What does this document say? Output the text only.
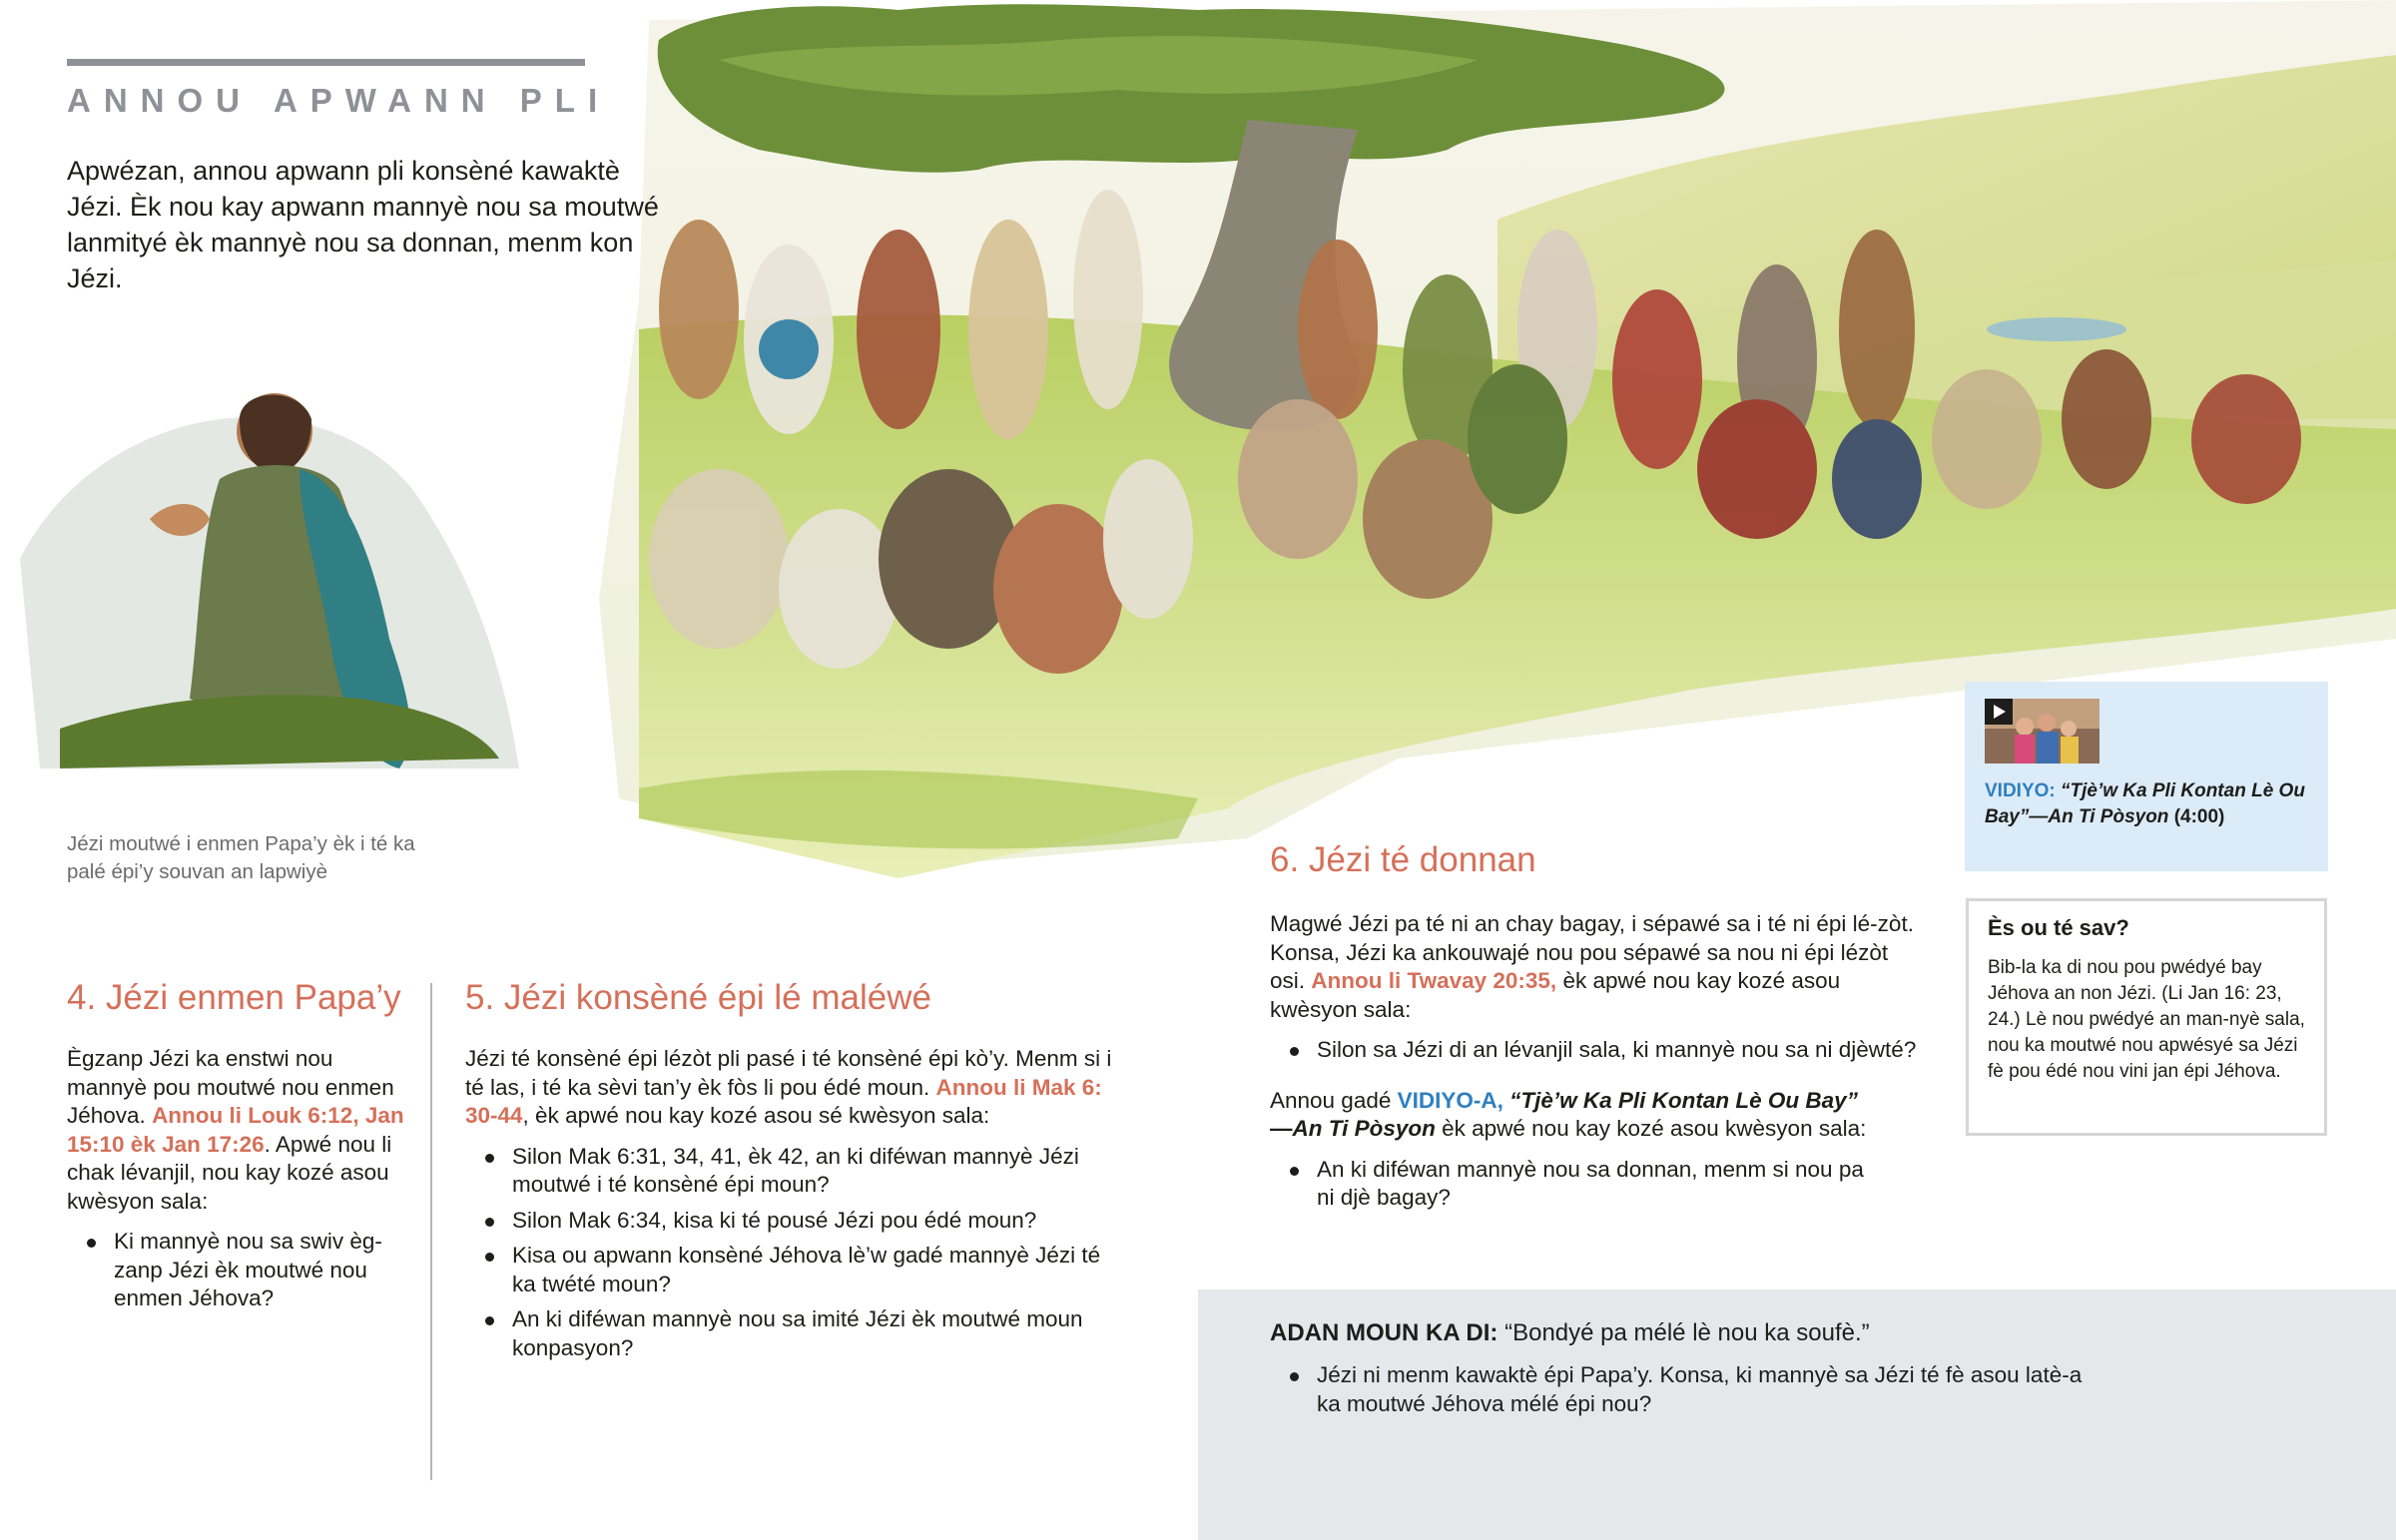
ANNOU APWANN PLI
Apwézan, annou apwann pli konsèné kawaktè Jézi. Èk nou kay apwann mannyè nou sa moutwé lanmityé èk mannyè nou sa donnan, menm kon Jézi.
Jézi moutwé i enmen Papa’y èk i té ka
palé épi’y souvan an lapwiyè
4. Jézi enmen Papa’y
Ègzanp Jézi ka enstwi nou mannyè pou moutwé nou enmen Jéhova. Annou li Louk 6:12, Jan 15:10 èk Jan 17:26. Apwé nou li chak lévanjil, nou kay kozé asou kwèsyon sala:
Ki mannyè nou sa swiv èg-zanp Jézi èk moutwé nou enmen Jéhova?
5. Jézi konsèné épi lé maléwé
Jézi té konsèné épi lézòt pli pasé i té konsèné épi kò’y. Menm si i té las, i té ka sèvi tan’y èk fòs li pou édé moun. Annou li Mak 6: 30-44, èk apwé nou kay kozé asou sé kwèsyon sala:
Silon Mak 6:31, 34, 41, èk 42, an ki diféwan mannyè Jézi moutwé i té konsèné épi moun?
Silon Mak 6:34, kisa ki té pousé Jézi pou édé moun?
Kisa ou apwann konsèné Jéhova lè’w gadé mannyè Jézi té ka twété moun?
An ki diféwan mannyè nou sa imité Jézi èk moutwé moun konpasyon?
6. Jézi té donnan
Magwé Jézi pa té ni an chay bagay, i sépawé sa i té ni épi lé-zòt. Konsa, Jézi ka ankouwajé nou pou sépawé sa nou ni épi lézòt osi. Annou li Twavay 20:35, èk apwé nou kay kozé asou kwèsyon sala:
Silon sa Jézi di an lévanjil sala, ki mannyè nou sa ni djèwté?
Annou gadé VIDIYO-A, “Tjè’w Ka Pli Kontan Lè Ou Bay”
—An Ti Pòsyon èk apwé nou kay kozé asou kwèsyon sala:
An ki diféwan mannyè nou sa donnan, menm si nou pa ni djè bagay?
VIDIYO: “Tjè’w Ka Pli Kontan Lè Ou Bay”—An Ti Pòsyon (4:00)
Ès ou té sav?
Bib-la ka di nou pou pwédyé bay Jéhova an non Jézi. (Li Jan 16: 23, 24.) Lè nou pwédyé an man-nyè sala, nou ka moutwé nou apwésyé sa Jézi fè pou édé nou vini jan épi Jéhova.
ADAN MOUN KA DI: “Bondyé pa mélé lè nou ka soufè.”
Jézi ni menm kawaktè épi Papa’y. Konsa, ki mannyè sa Jézi té fè asou latè-a ka moutwé Jéhova mélé épi nou?
